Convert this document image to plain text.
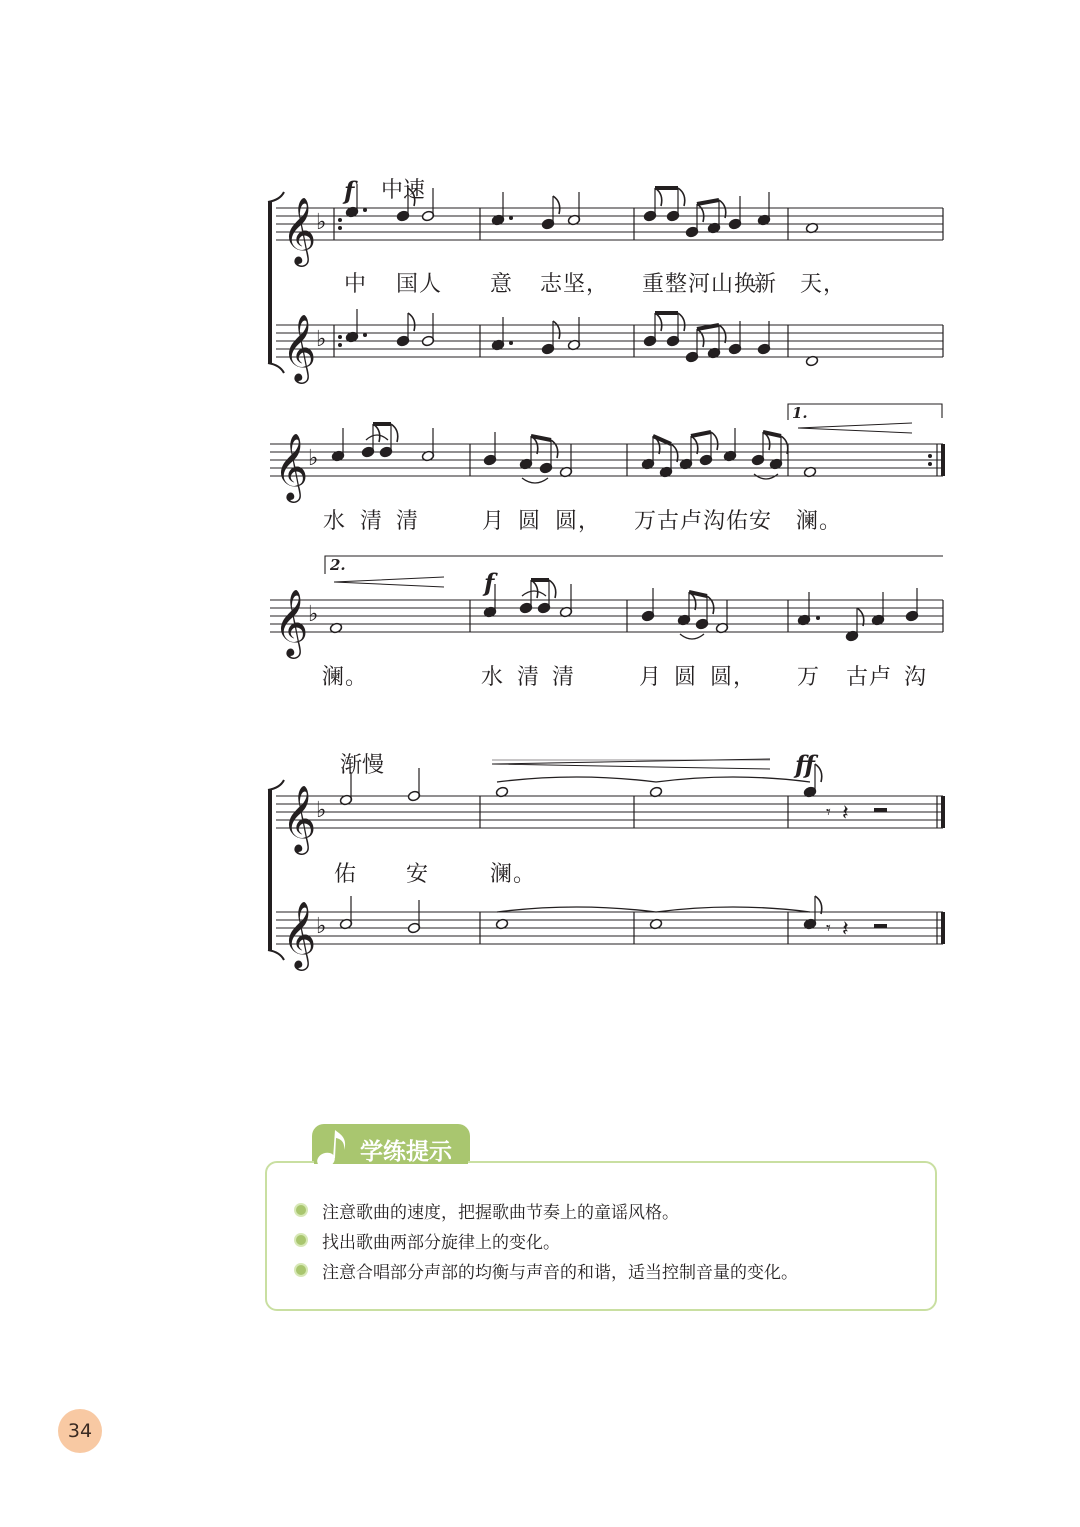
𝄞 ♭
𝄞 ♭
𝄞 ♭
𝄞 ♭
𝄞 ♭
𝄞 ♭
𝄾 𝄽
𝄾 𝄽
f 中速
1.
2.
f
渐慢	ff
中 国人 意 志坚， 重整河山换
新 天，
水 清 清	月 圆 圆， 万古卢沟佑安 澜。
澜。	水 清 清	月 圆 圆， 万 古卢 沟
佑 安	澜。
学练提示
注意歌曲的速度，把握歌曲节奏上的童谣风格。
找出歌曲两部分旋律上的变化。
注意合唱部分声部的均衡与声音的和谐，适当控制音量的变化。
34
